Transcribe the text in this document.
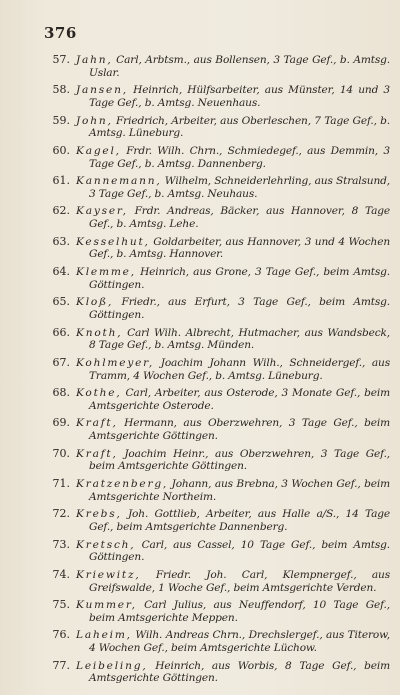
376
57. Jahn, Carl, Arbtsm., aus Bollensen, 3 Tage Gef., b. Amtsg. Uslar.
58. Jansen, Heinrich, Hülfsarbeiter, aus Münster, 14 und 3 Tage Gef., b. Amtsg. Neuenhaus.
59. John, Friedrich, Arbeiter, aus Oberleschen, 7 Tage Gef., b. Amtsg. Lüneburg.
60. Kagel, Frdr. Wilh. Chrn., Schmiedegef., aus Demmin, 3 Tage Gef., b. Amtsg. Dannenberg.
61. Kannemann, Wilhelm, Schneiderlehrling, aus Stralsund, 3 Tage Gef., b. Amtsg. Neuhaus.
62. Kayser, Frdr. Andreas, Bäcker, aus Hannover, 8 Tage Gef., b. Amtsg. Lehe.
63. Kesselhut, Goldarbeiter, aus Hannover, 3 und 4 Wochen Gef., b. Amtsg. Hannover.
64. Klemme, Heinrich, aus Grone, 3 Tage Gef., beim Amtsg. Göttingen.
65. Kloß, Friedr., aus Erfurt, 3 Tage Gef., beim Amtsg. Göttingen.
66. Knoth, Carl Wilh. Albrecht, Hutmacher, aus Wandsbeck, 8 Tage Gef., b. Amtsg. Münden.
67. Kohlmeyer, Joachim Johann Wilh., Schneidergef., aus Tramm, 4 Wochen Gef., b. Amtsg. Lüneburg.
68. Kothe, Carl, Arbeiter, aus Osterode, 3 Monate Gef., beim Amtsgerichte Osterode.
69. Kraft, Hermann, aus Oberzwehren, 3 Tage Gef., beim Amtsgerichte Göttingen.
70. Kraft, Joachim Heinr., aus Oberzwehren, 3 Tage Gef., beim Amtsgerichte Göttingen.
71. Kratzenberg, Johann, aus Brebna, 3 Wochen Gef., beim Amtsgerichte Northeim.
72. Krebs, Joh. Gottlieb, Arbeiter, aus Halle a/S., 14 Tage Gef., beim Amtsgerichte Dannenberg.
73. Kretsch, Carl, aus Cassel, 10 Tage Gef., beim Amtsg. Göttingen.
74. Kriewitz, Friedr. Joh. Carl, Klempnergef., aus Greifswalde, 1 Woche Gef., beim Amtsgerichte Verden.
75. Kummer, Carl Julius, aus Neuffendorf, 10 Tage Gef., beim Amtsgerichte Meppen.
76. Laheim, Wilh. Andreas Chrn., Drechslergef., aus Titerow, 4 Wochen Gef., beim Amtsgerichte Lüchow.
77. Leibeling, Heinrich, aus Worbis, 8 Tage Gef., beim Amtsgerichte Göttingen.
